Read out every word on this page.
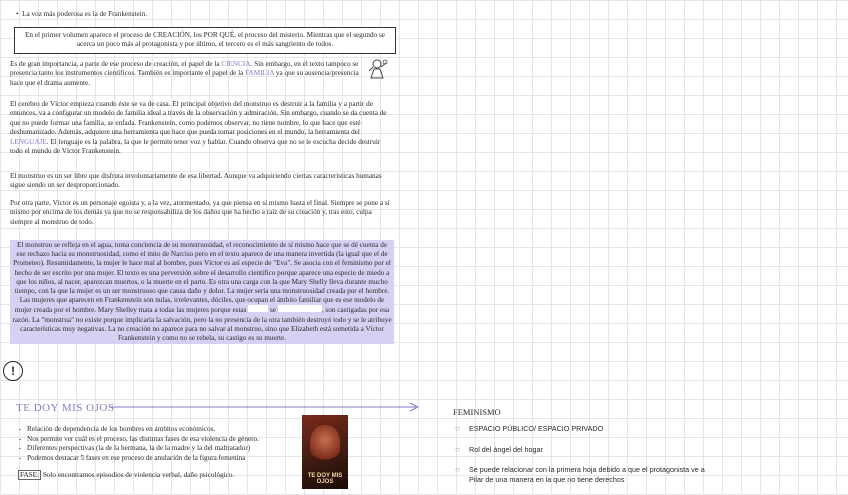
•  La voz más poderosa es la de Frankenstein.
En el primer volumen aparece el proceso de CREACIÓN, los POR QUÉ, el proceso del misterio. Mientras que el segundo se acerca un poco más al protagonista y por último, el tercero es el más sangriento de todos.
Es de gran importancia, a parte de ese proceso de creación, el papel de la CIENCIA. Sin embargo, en el texto tampoco se presencia tanto los instrumentos científicos. También es importante el papel de la FAMILIA ya que su ausencia/presencia hace que el drama aumente.
El cerebro de Víctor empieza cuando éste se va de casa. El principal objetivo del monstruo es destruir a la familia y a partir de entonces, va a configurar un modelo de familia ideal a través de la observación y admiración. Sin embargo, cuando se da cuenta de que no puede formar una familia, se enfada. Frankenstein, como podemos observar, no tiene nombre, lo que hace que esté deshumanizado. Además, adquiere una herramienta que hace que pueda tomar posiciones en el mundo, la herramienta del LENGUAJE. El lenguaje es la palabra, la que le permite tener voz y hablar. Cuando observa que no se le escucha decide destruir todo el mundo de Víctor Frankenstein.
El monstruo es un ser libre que disfruta involuntariamente de esa libertad. Aunque va adquiriendo ciertas características humanas sigue siendo un ser desproporcionado.
Por otra parte, Víctor es un personaje egoísta y, a la vez, atormentado, ya que piensa en sí mismo hasta el final. Siempre se pone a sí mismo por encima de los demás ya que no se responsabiliza de los daños que ha hecho a raíz de su creación y, tras esto, culpa siempre al monstruo de todo.
El monstruo se refleja en el agua, toma conciencia de su monstruosidad, el reconocimiento de sí mismo hace que se dé cuenta de ese rechazo hacia su monstruosidad, como el mito de Narciso pero en el texto aparece de una manera invertida (la igual que el de Prometeo). Resumidamente, la mujer le hace mal al hombre, pues Víctor es así especie de "Eva". Se asocia con el feminismo por el hecho de ser escrito por una mujer. El texto es una perversión sobre el desarrollo científico porque aparece una especie de miedo a que los niños, al nacer, aparezcan muertos, o la muerte en el parto. Es otra una carga con la que Mary Shelly lleva durante mucho tiempo, con la que la mujer es un ser monstruoso que causa daño y dolor. La mujer sería una monstruosidad creada por el hombre. Las mujeres que aparecen en Frankenstein son nulas, irrelevantes, dóciles, que ocupan el ámbito familiar que es ese modelo de mujer creada por el hombre. Mary Shelley mata a todas las mujeres porque estas	se	, son castigadas por esa razón. La "monstrua" no existe porque implicaría la salvación, pero la no presencia de la otra también destruyó todo y se le atribuye características muy negativas. La no creación no aparece para no salvar al monstruo, sino que Elizabeth está sometida a Víctor Frankenstein y como no se rebela, su castigo es su muerte.
!
TE DOY MIS OJOS
- Relación de dependencia de los hombres en ámbitos económicos.
- Nos permite ver cuál es el proceso, las distintas fases de esa violencia de género.
- Diferentes perspectivas (la de la hermana, la de la madre y la del maltratador)
- Podemos destacar 5 fases en ese proceso de anulación de la figura femenina
FASE: Solo encontramos episodios de violencia verbal, daño psicológico.	TE DOY MIS OJOS
FEMINISMO
○ ESPACIO PÚBLICO/ ESPACIO PRIVADO
○ Rol del ángel del hogar
○ Se puede relacionar con la primera hoja debido a que el protagonista ve a Pilar de una manera en la que no tiene derechos
